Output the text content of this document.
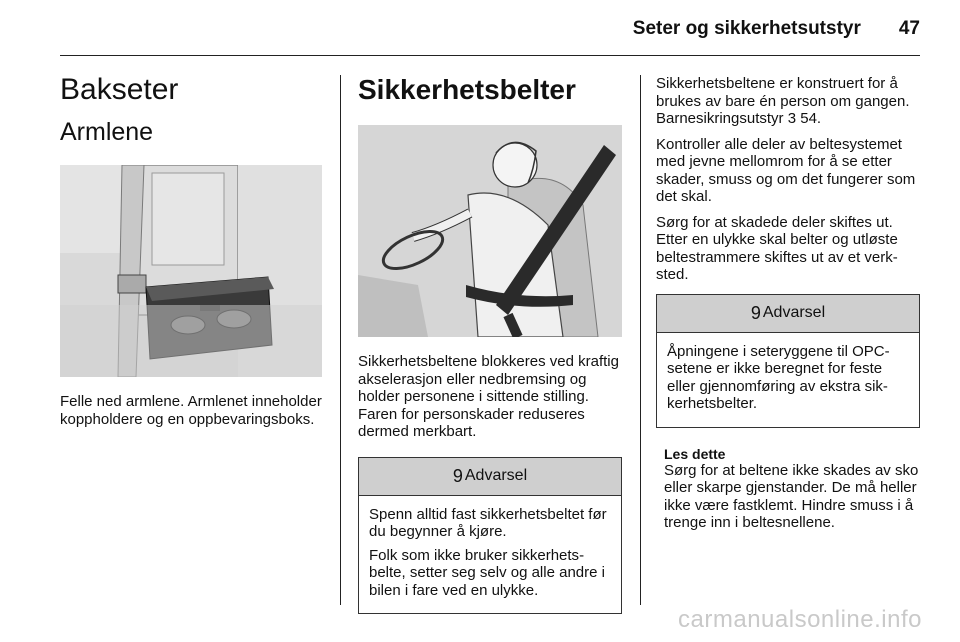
Seter og sikkerhetsutstyr 47
Bakseter
Armlene

Felle ned armlene. Armlenet inneholder koppholdere og en oppbevaringsboks.

Sikkerhetsbelter

Sikkerhetsbeltene blokkeres ved kraftig akselerasjon eller nedbremsing og holder personene i sittende stilling. Faren for personskader reduseres dermed merkbart.

9 Advarsel

Spenn alltid fast sikkerhetsbeltet før du begynner å kjøre.

Folk som ikke bruker sikkerhetsbelte, setter seg selv og alle andre i bilen i fare ved en ulykke.

Sikkerhetsbeltene er konstruert for å brukes av bare én person om gangen. Barnesikringsutstyr 3 54.

Kontroller alle deler av beltesystemet med jevne mellomrom for å se etter skader, smuss og om det fungerer som det skal.

Sørg for at skadede deler skiftes ut. Etter en ulykke skal belter og utløste beltestrammere skiftes ut av et verksted.

9 Advarsel

Åpningene i seteryggene til OPC-setene er ikke beregnet for feste eller gjennomføring av ekstra sikkerhetsbelter.

Les dette

Sørg for at beltene ikke skades av sko eller skarpe gjenstander. De må heller ikke være fastklemt. Hindre smuss i å trenge inn i beltesnellene.

carmanualsonline.info
